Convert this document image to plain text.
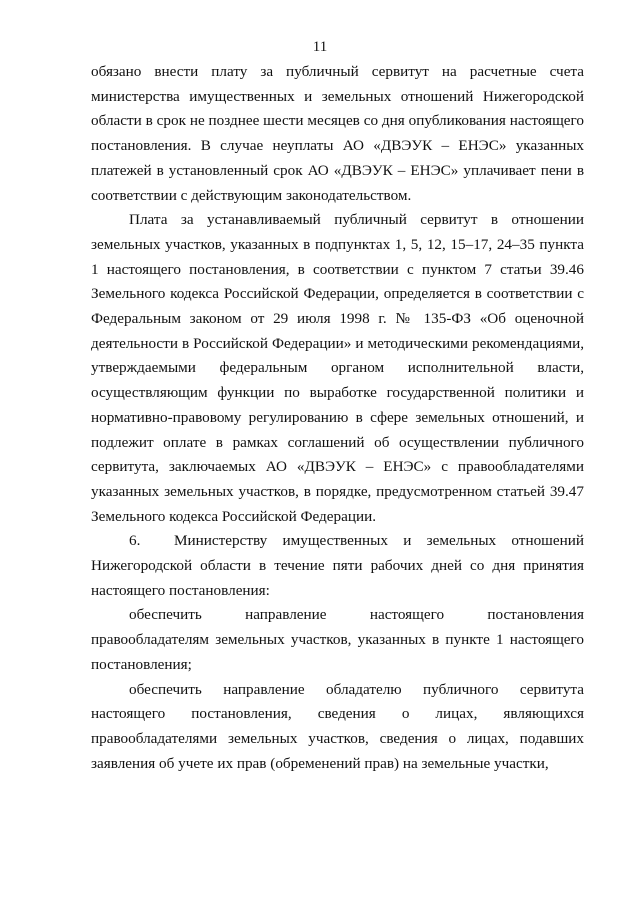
11

обязано внести плату за публичный сервитут на расчетные счета министерства имущественных и земельных отношений Нижегородской области в срок не позднее шести месяцев со дня опубликования настоящего постановления. В случае неуплаты АО «ДВЭУК – ЕНЭС» указанных платежей в установленный срок АО «ДВЭУК – ЕНЭС» уплачивает пени в соответствии с действующим законодательством.

Плата за устанавливаемый публичный сервитут в отношении земельных участков, указанных в подпунктах 1, 5, 12, 15–17, 24–35 пункта 1 настоящего постановления, в соответствии с пунктом 7 статьи 39.46 Земельного кодекса Российской Федерации, определяется в соответствии с Федеральным законом от 29 июля 1998 г. № 135-ФЗ «Об оценочной деятельности в Российской Федерации» и методическими рекомендациями, утверждаемыми федеральным органом исполнительной власти, осуществляющим функции по выработке государственной политики и нормативно-правовому регулированию в сфере земельных отношений, и подлежит оплате в рамках соглашений об осуществлении публичного сервитута, заключаемых АО «ДВЭУК – ЕНЭС» с правообладателями указанных земельных участков, в порядке, предусмотренном статьей 39.47 Земельного кодекса Российской Федерации.

6. Министерству имущественных и земельных отношений Нижегородской области в течение пяти рабочих дней со дня принятия настоящего постановления:

обеспечить направление настоящего постановления правообладателям земельных участков, указанных в пункте 1 настоящего постановления;

обеспечить направление обладателю публичного сервитута настоящего постановления, сведения о лицах, являющихся правообладателями земельных участков, сведения о лицах, подавших заявления об учете их прав (обременений прав) на земельные участки,
